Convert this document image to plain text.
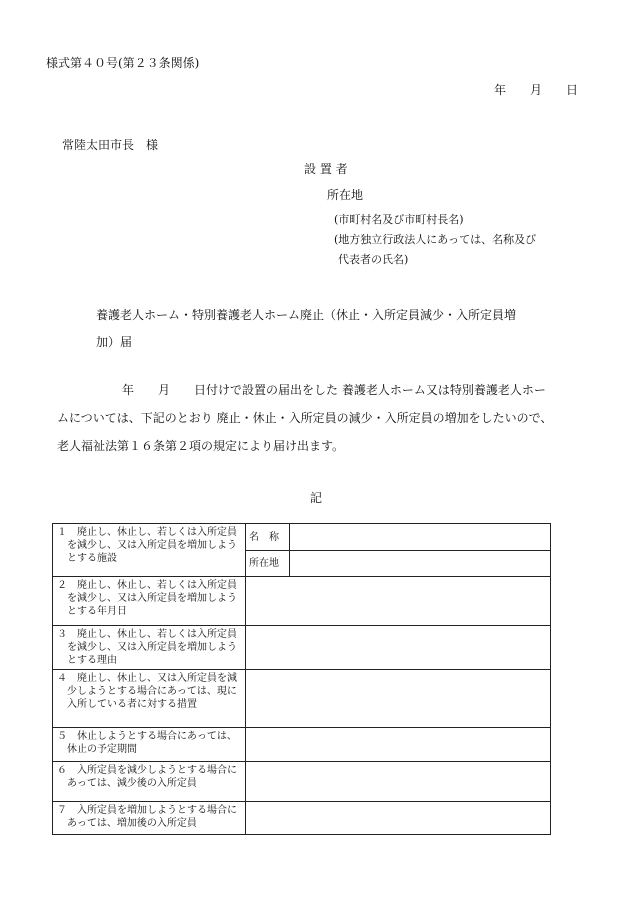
様式第４０号(第２３条関係)
年 月 日
常陸太田市長　様
設 置 者
所在地
(市町村名及び市町村長名)
(地方独立行政法人にあっては、名称及び
代表者の氏名)
養護老人ホーム・特別養護老人ホーム廃止（休止・入所定員減少・入所定員増
加）届
年　　月　　日付けで設置の届出をした 養護老人ホーム又は特別養護老人ホー
ムについては、下記のとおり 廃止・休止・入所定員の減少・入所定員の増加をしたいので、
老人福祉法第１６条第２項の規定により届け出ます。
記
１　廃止し、休止し、若しくは入所定員を減少し、又は入所定員を増加しようとする施設	名　称	
	所在地	

２　廃止し、休止し、若しくは入所定員を減少し、又は入所定員を増加しようとする年月日		

３　廃止し、休止し、若しくは入所定員を減少し、又は入所定員を増加しようとする理由		

４　廃止し、休止し、又は入所定員を減少しようとする場合にあっては、現に入所している者に対する措置		

５　休止しようとする場合にあっては、休止の予定期間		

６　入所定員を減少しようとする場合にあっては、減少後の入所定員		

７　入所定員を増加しようとする場合にあっては、増加後の入所定員		
